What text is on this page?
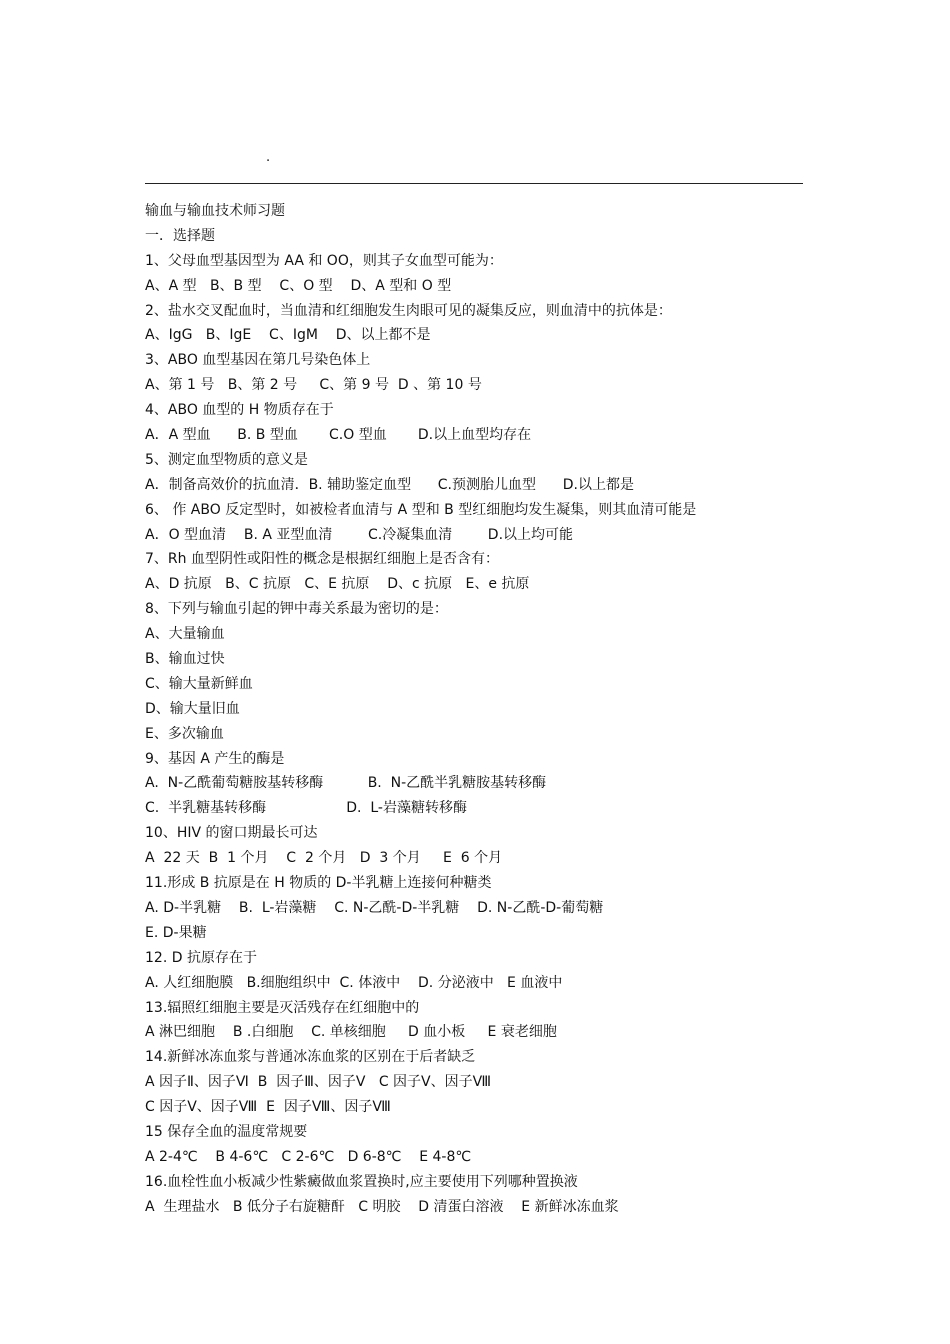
.
输血与输血技术师习题
一．选择题
1、父母血型基因型为 AA 和 OO，则其子女血型可能为：
A、A 型   B、B 型    C、O 型    D、A 型和 O 型
2、盐水交叉配血时，当血清和红细胞发生肉眼可见的凝集反应，则血清中的抗体是：
A、IgG   B、IgE    C、IgM    D、以上都不是
3、ABO 血型基因在第几号染色体上
A、第 1 号   B、第 2 号     C、第 9 号  D 、第 10 号
4、ABO 血型的 H 物质存在于
A．A 型血      B. B 型血       C.O 型血       D.以上血型均存在
5、测定血型物质的意义是
A．制备高效价的抗血清．B. 辅助鉴定血型      C.预测胎儿血型      D.以上都是
6、 作 ABO 反定型时，如被检者血清与 A 型和 B 型红细胞均发生凝集，则其血清可能是
A．O 型血清    B. A 亚型血清        C.冷凝集血清        D.以上均可能
7、Rh 血型阴性或阳性的概念是根据红细胞上是否含有：
A、D 抗原   B、C 抗原   C、E 抗原    D、c 抗原   E、e 抗原
8、下列与输血引起的钾中毒关系最为密切的是：
A、大量输血
B、输血过快
C、输大量新鲜血
D、输大量旧血
E、多次输血
9、基因 A 产生的酶是
A.  N-乙酰葡萄糖胺基转移酶          B.  N-乙酰半乳糖胺基转移酶
C.  半乳糖基转移酶                  D.  L-岩藻糖转移酶
10、HIV 的窗口期最长可达
A  22 天  B  1 个月    C  2 个月   D  3 个月     E  6 个月
11.形成 B 抗原是在 H 物质的 D-半乳糖上连接何种糖类
A. D-半乳糖    B.  L-岩藻糖    C. N-乙酰-D-半乳糖    D. N-乙酰-D-葡萄糖
E. D-果糖
12. D 抗原存在于
A. 人红细胞膜   B.细胞组织中  C. 体液中    D. 分泌液中   E 血液中
13.辐照红细胞主要是灭活残存在红细胞中的
A 淋巴细胞    B .白细胞    C. 单核细胞     D 血小板     E 衰老细胞
14.新鲜冰冻血浆与普通冰冻血浆的区别在于后者缺乏
A 因子Ⅱ、因子Ⅵ  B  因子Ⅲ、因子Ⅴ   C 因子Ⅴ、因子Ⅷ
C 因子Ⅴ、因子Ⅷ  E  因子Ⅷ、因子Ⅷ
15 保存全血的温度常规要
A 2-4℃    B 4-6℃   C 2-6℃   D 6-8℃    E 4-8℃
16.血栓性血小板减少性紫癜做血浆置换时,应主要使用下列哪种置换液
A  生理盐水   B 低分子右旋糖酐   C 明胶    D 清蛋白溶液    E 新鲜冰冻血浆
